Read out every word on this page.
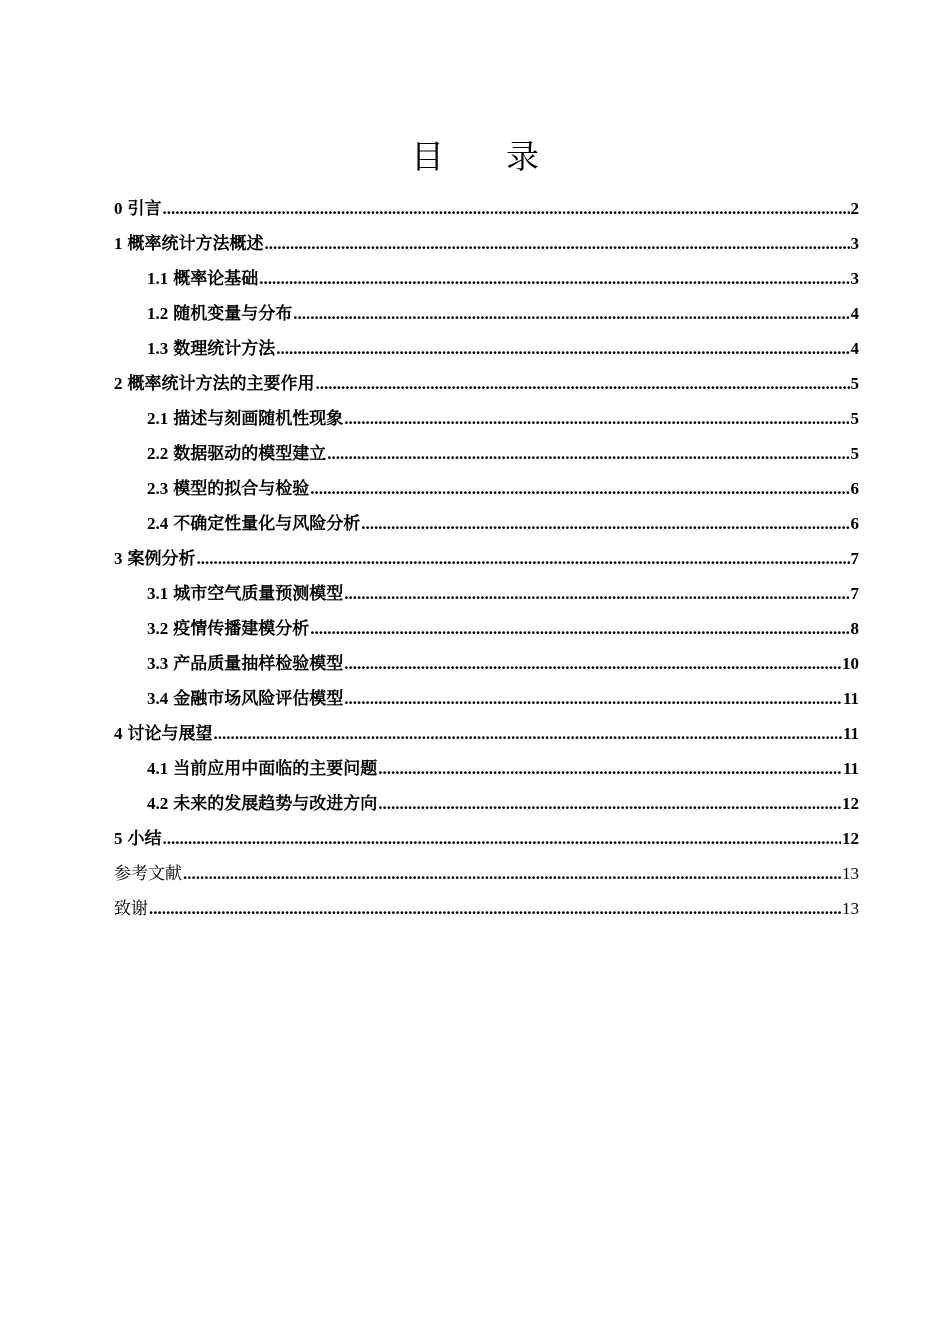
目 录
0 引言 .....	2
1 概率统计方法概述 .....	3
1.1 概率论基础 .....	3
1.2 随机变量与分布 .....	4
1.3 数理统计方法 .....	4
2 概率统计方法的主要作用 .....	5
2.1 描述与刻画随机性现象 .....	5
2.2 数据驱动的模型建立 .....	5
2.3 模型的拟合与检验 .....	6
2.4 不确定性量化与风险分析 .....	6
3 案例分析 .....	7
3.1 城市空气质量预测模型 .....	7
3.2 疫情传播建模分析 .....	8
3.3 产品质量抽样检验模型 .....	10
3.4 金融市场风险评估模型 .....	11
4 讨论与展望 .....	11
4.1 当前应用中面临的主要问题 .....	11
4.2 未来的发展趋势与改进方向 .....	12
5 小结 .....	12
参考文献 .....	13
致谢 .....	13
